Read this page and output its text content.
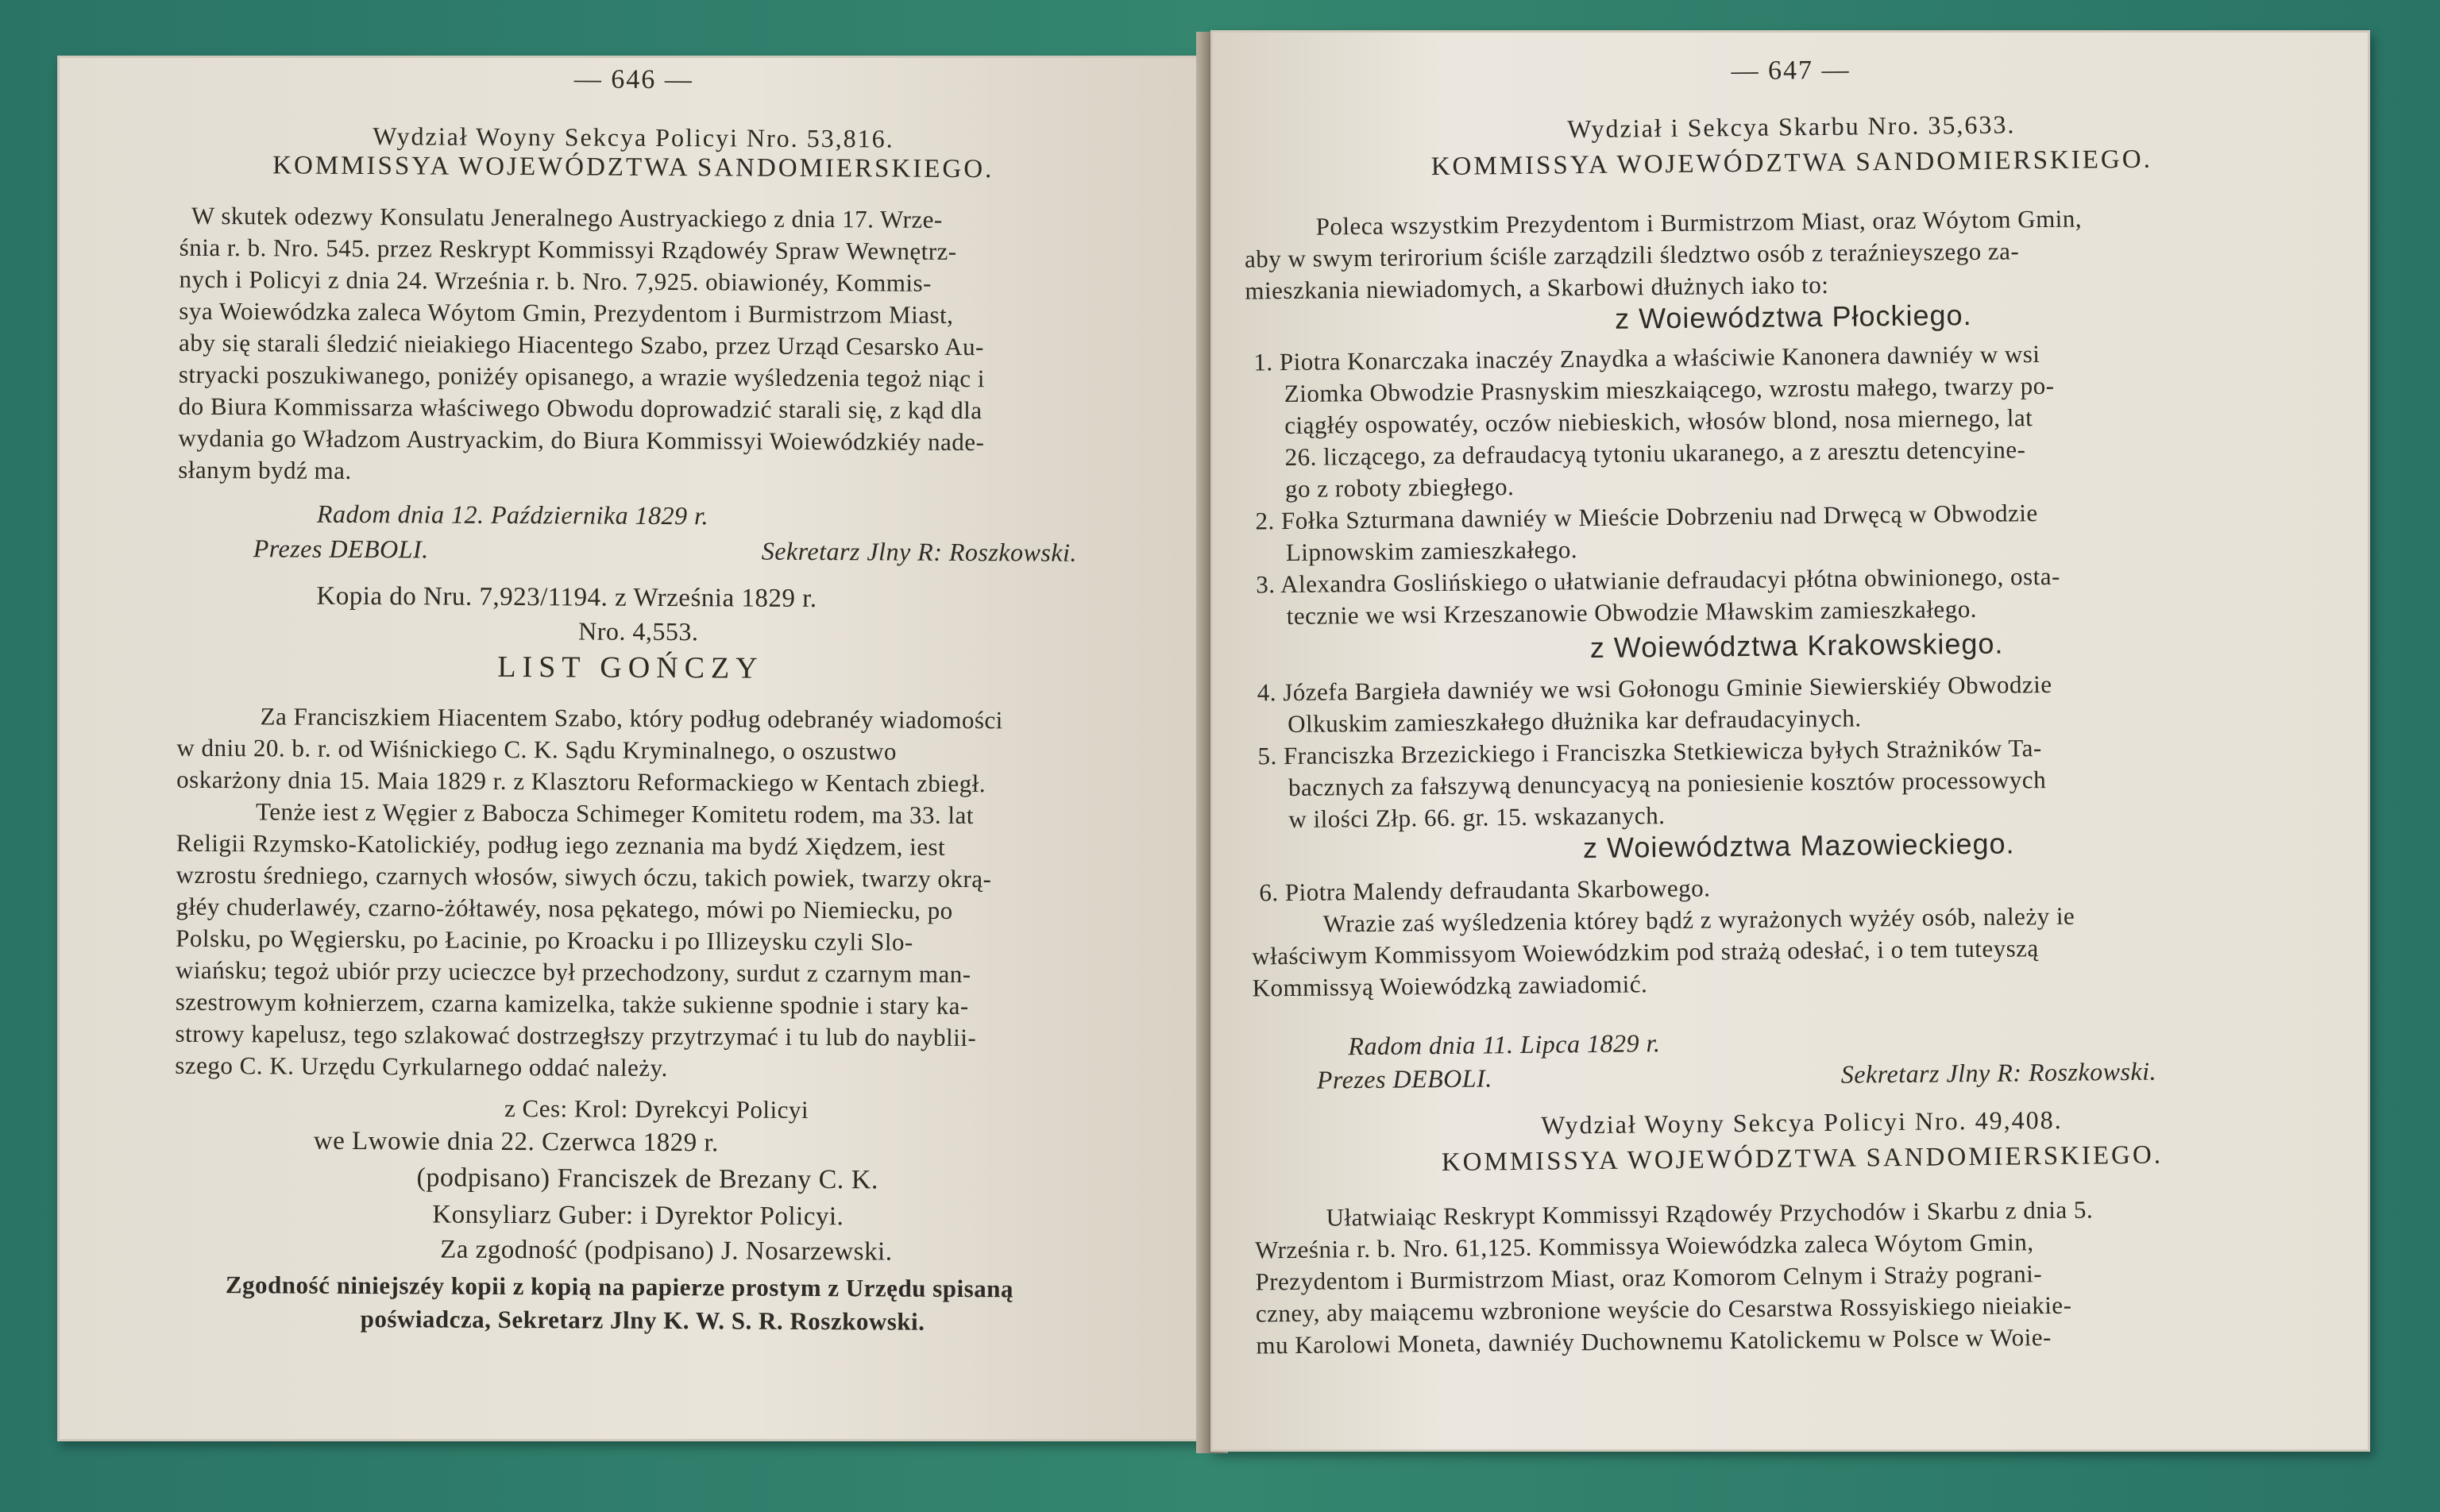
— 646 —
Wydział Woyny Sekcya Policyi Nro. 53,816.
KOMMISSYA WOJEWÓDZTWA SANDOMIERSKIEGO.
W skutek odezwy Konsulatu Jeneralnego Austryackiego z dnia 17. Wrze-
śnia r. b. Nro. 545. przez Reskrypt Kommissyi Rządowéy Spraw Wewnętrz-
nych i Policyi z dnia 24. Września r. b. Nro. 7,925. obiawionéy, Kommis-
sya Woiewódzka zaleca Wóytom Gmin, Prezydentom i Burmistrzom Miast,
aby się starali śledzić nieiakiego Hiacentego Szabo, przez Urząd Cesarsko Au-
stryacki poszukiwanego, poniżéy opisanego, a wrazie wyśledzenia tegoż niąc i
do Biura Kommissarza właściwego Obwodu doprowadzić starali się, z kąd dla
wydania go Władzom Austryackim, do Biura Kommissyi Woiewódzkiéy nade-
słanym bydź ma.
Radom dnia 12. Października 1829 r.
Prezes DEBOLI.	Sekretarz Jlny R: Roszkowski.
Kopia do Nru. 7,923/1194. z Września 1829 r.
Nro. 4,553.
LIST GOŃCZY
Za Franciszkiem Hiacentem Szabo, który podług odebranéy wiadomości
w dniu 20. b. r. od Wiśnickiego C. K. Sądu Kryminalnego, o oszustwo
oskarżony dnia 15. Maia 1829 r. z Klasztoru Reformackiego w Kentach zbiegł.
Tenże iest z Węgier z Babocza Schimeger Komitetu rodem, ma 33. lat
Religii Rzymsko-Katolickiéy, podług iego zeznania ma bydź Xiędzem, iest
wzrostu średniego, czarnych włosów, siwych óczu, takich powiek, twarzy okrą-
głéy chuderlawéy, czarno-żółtawéy, nosa pękatego, mówi po Niemiecku, po
Polsku, po Węgiersku, po Łacinie, po Kroacku i po Illizeysku czyli Slo-
wiańsku; tegoż ubiór przy ucieczce był przechodzony, surdut z czarnym man-
szestrowym kołnierzem, czarna kamizelka, także sukienne spodnie i stary ka-
strowy kapelusz, tego szlakować dostrzegłszy przytrzymać i tu lub do nayblii-
szego C. K. Urzędu Cyrkularnego oddać należy.
z Ces: Krol: Dyrekcyi Policyi
we Lwowie dnia 22. Czerwca 1829 r.
(podpisano) Franciszek de Brezany C. K.
Konsyliarz Guber: i Dyrektor Policyi.
Za zgodność (podpisano) J. Nosarzewski.
Zgodność niniejszéy kopii z kopią na papierze prostym z Urzędu spisaną
poświadcza, Sekretarz Jlny K. W. S. R. Roszkowski.
— 647 —
Wydział i Sekcya Skarbu Nro. 35,633.
KOMMISSYA WOJEWÓDZTWA SANDOMIERSKIEGO.
Poleca wszystkim Prezydentom i Burmistrzom Miast, oraz Wóytom Gmin,
aby w swym terirorium ściśle zarządzili śledztwo osób z teraźnieyszego za-
mieszkania niewiadomych, a Skarbowi dłużnych iako to:
z Woiewództwa Płockiego.
1. Piotra Konarczaka inaczéy Znaydka a właściwie Kanonera dawniéy w wsi
Ziomka Obwodzie Prasnyskim mieszkaiącego, wzrostu małego, twarzy po-
ciągłéy ospowatéy, oczów niebieskich, włosów blond, nosa miernego, lat
26. liczącego, za defraudacyą tytoniu ukaranego, a z aresztu detencyine-
go z roboty zbiegłego.
2. Fołka Szturmana dawniéy w Mieście Dobrzeniu nad Drwęcą w Obwodzie
Lipnowskim zamieszkałego.
3. Alexandra Goslińskiego o ułatwianie defraudacyi płótna obwinionego, osta-
tecznie we wsi Krzeszanowie Obwodzie Mławskim zamieszkałego.
z Woiewództwa Krakowskiego.
4. Józefa Bargieła dawniéy we wsi Gołonogu Gminie Siewierskiéy Obwodzie
Olkuskim zamieszkałego dłużnika kar defraudacyinych.
5. Franciszka Brzezickiego i Franciszka Stetkiewicza byłych Strażników Ta-
bacznych za fałszywą denuncyacyą na poniesienie kosztów processowych
w ilości Złp. 66. gr. 15. wskazanych.
z Woiewództwa Mazowieckiego.
6. Piotra Malendy defraudanta Skarbowego.
Wrazie zaś wyśledzenia którey bądź z wyrażonych wyżéy osób, należy ie
właściwym Kommissyom Woiewódzkim pod strażą odesłać, i o tem tuteyszą
Kommissyą Woiewódzką zawiadomić.
Radom dnia 11. Lipca 1829 r.
Prezes DEBOLI.	Sekretarz Jlny R: Roszkowski.
Wydział Woyny Sekcya Policyi Nro. 49,408.
KOMMISSYA WOJEWÓDZTWA SANDOMIERSKIEGO.
Ułatwiaiąc Reskrypt Kommissyi Rządowéy Przychodów i Skarbu z dnia 5.
Września r. b. Nro. 61,125. Kommissya Woiewódzka zaleca Wóytom Gmin,
Prezydentom i Burmistrzom Miast, oraz Komorom Celnym i Straży pograni-
czney, aby maiącemu wzbronione weyście do Cesarstwa Rossyiskiego nieiakie-
mu Karolowi Moneta, dawniéy Duchownemu Katolickemu w Polsce w Woie-
